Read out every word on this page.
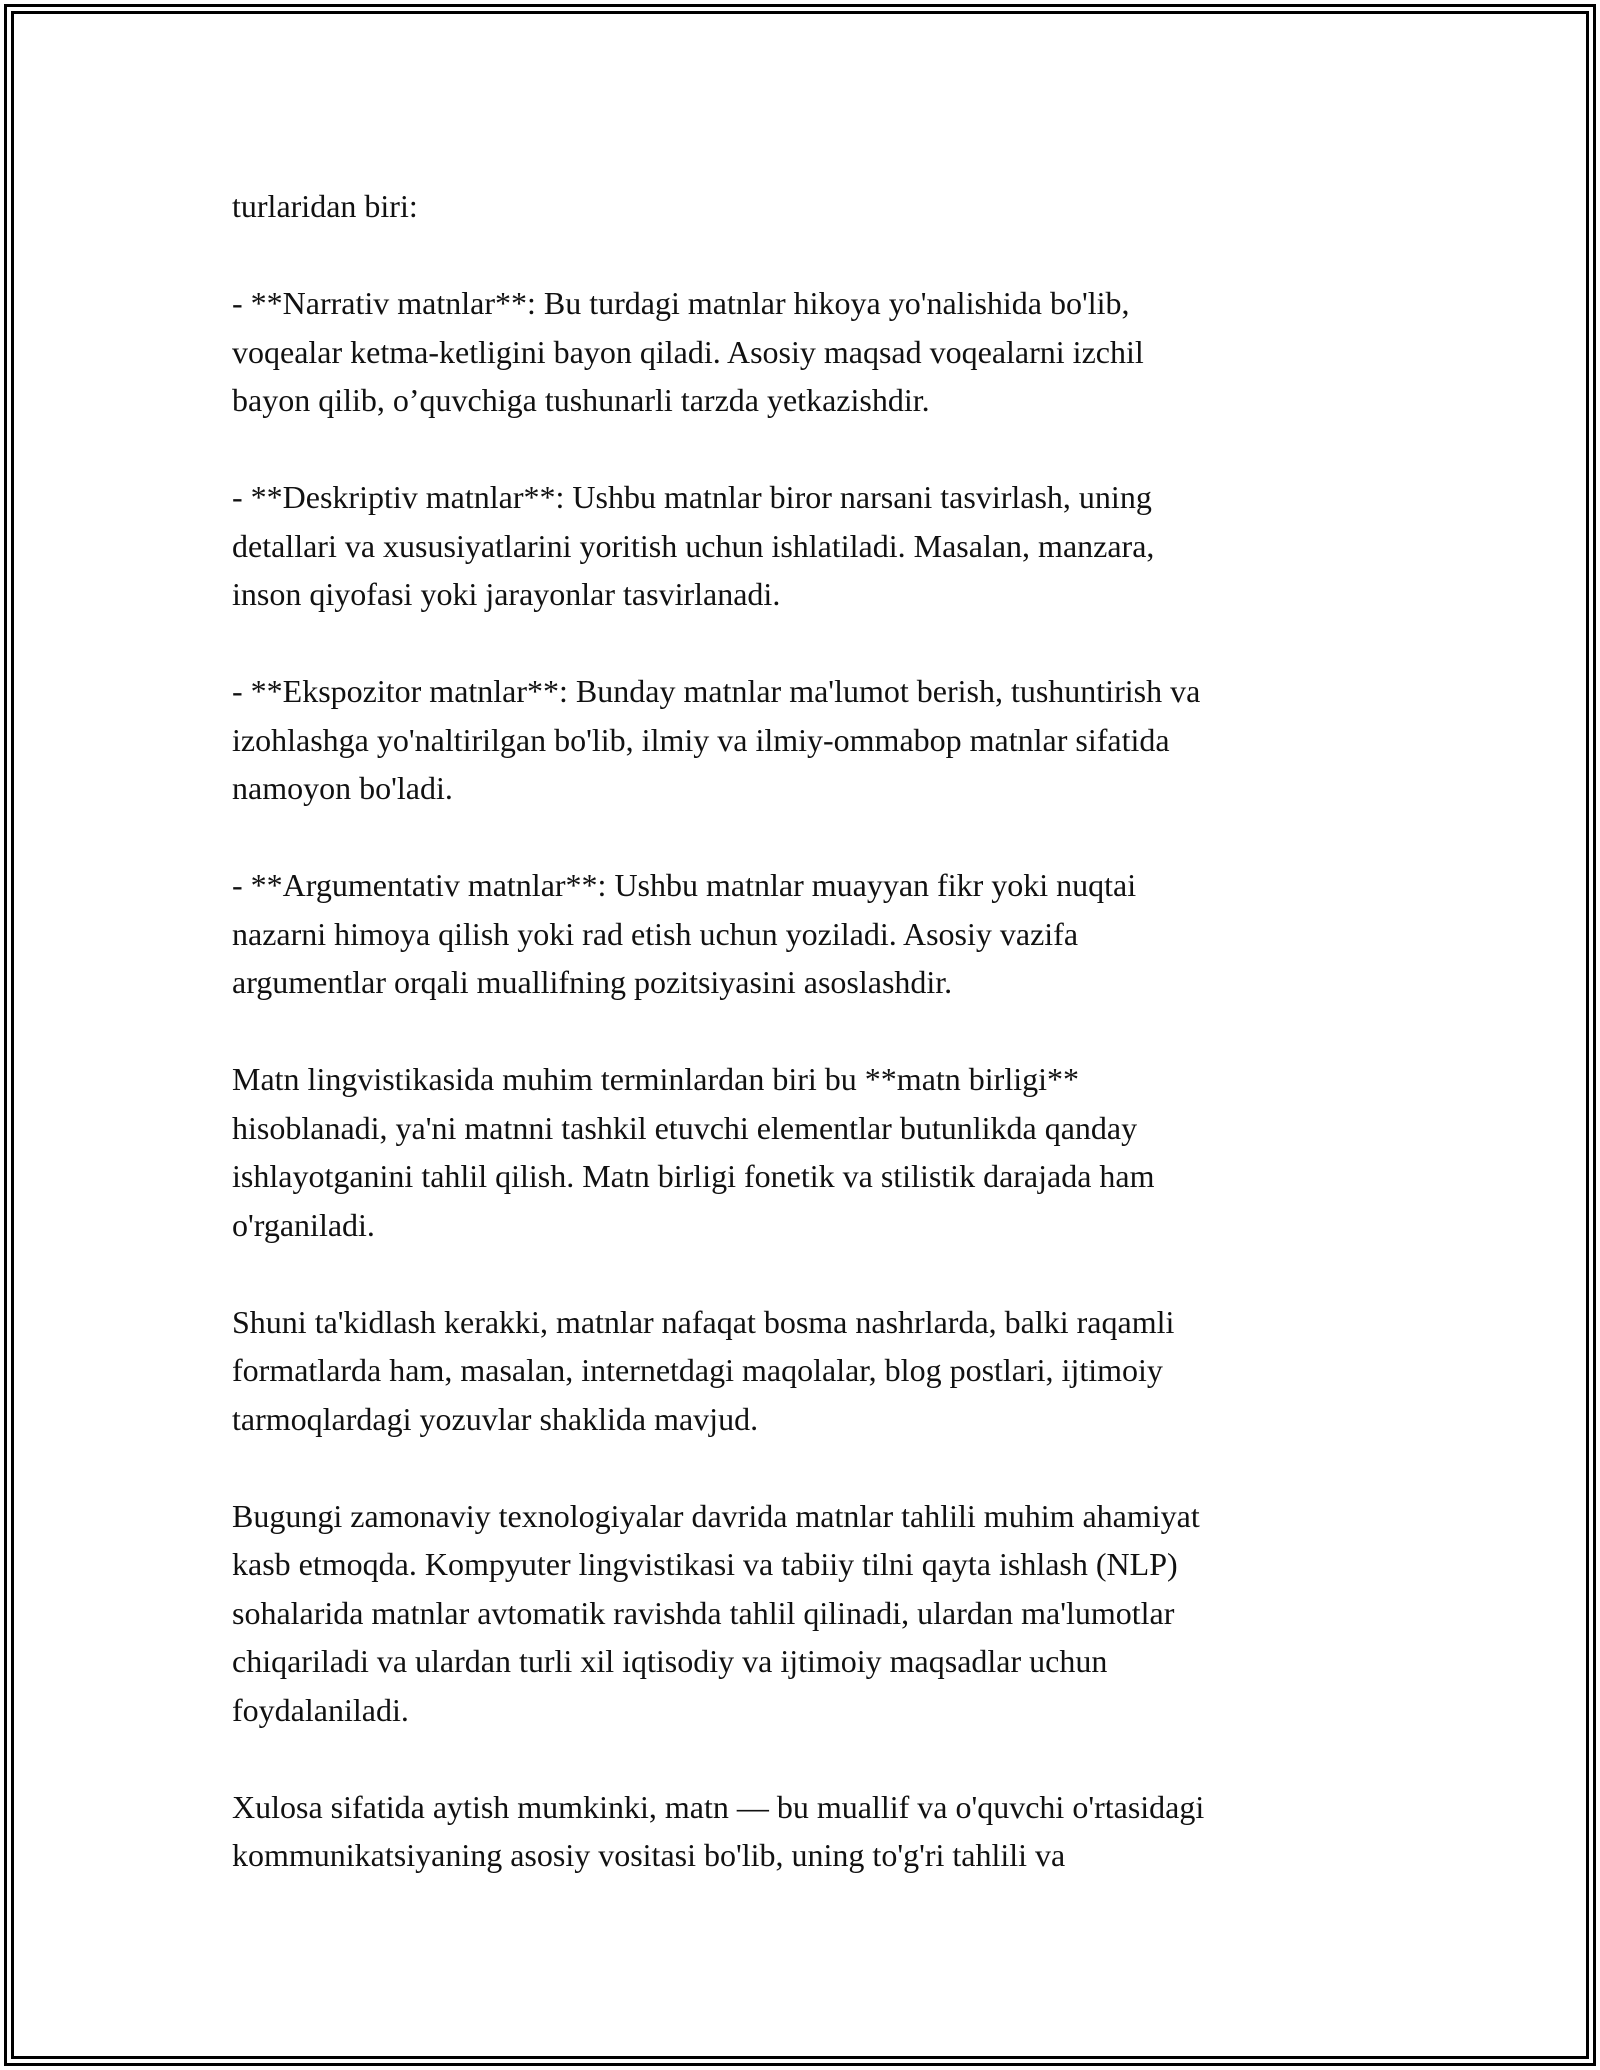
turlaridan biri:

- **Narrativ matnlar**: Bu turdagi matnlar hikoya yo'nalishida bo'lib,
voqealar ketma-ketligini bayon qiladi. Asosiy maqsad voqealarni izchil
bayon qilib, o’quvchiga tushunarli tarzda yetkazishdir.

- **Deskriptiv matnlar**: Ushbu matnlar biror narsani tasvirlash, uning
detallari va xususiyatlarini yoritish uchun ishlatiladi. Masalan, manzara,
inson qiyofasi yoki jarayonlar tasvirlanadi.

- **Ekspozitor matnlar**: Bunday matnlar ma'lumot berish, tushuntirish va
izohlashga yo'naltirilgan bo'lib, ilmiy va ilmiy-ommabop matnlar sifatida
namoyon bo'ladi.

- **Argumentativ matnlar**: Ushbu matnlar muayyan fikr yoki nuqtai
nazarni himoya qilish yoki rad etish uchun yoziladi. Asosiy vazifa
argumentlar orqali muallifning pozitsiyasini asoslashdir.

Matn lingvistikasida muhim terminlardan biri bu **matn birligi**
hisoblanadi, ya'ni matnni tashkil etuvchi elementlar butunlikda qanday
ishlayotganini tahlil qilish. Matn birligi fonetik va stilistik darajada ham
o'rganiladi.

Shuni ta'kidlash kerakki, matnlar nafaqat bosma nashrlarda, balki raqamli
formatlarda ham, masalan, internetdagi maqolalar, blog postlari, ijtimoiy
tarmoqlardagi yozuvlar shaklida mavjud.

Bugungi zamonaviy texnologiyalar davrida matnlar tahlili muhim ahamiyat
kasb etmoqda. Kompyuter lingvistikasi va tabiiy tilni qayta ishlash (NLP)
sohalarida matnlar avtomatik ravishda tahlil qilinadi, ulardan ma'lumotlar
chiqariladi va ulardan turli xil iqtisodiy va ijtimoiy maqsadlar uchun
foydalaniladi.

Xulosa sifatida aytish mumkinki, matn — bu muallif va o'quvchi o'rtasidagi
kommunikatsiyaning asosiy vositasi bo'lib, uning to'g'ri tahlili va
